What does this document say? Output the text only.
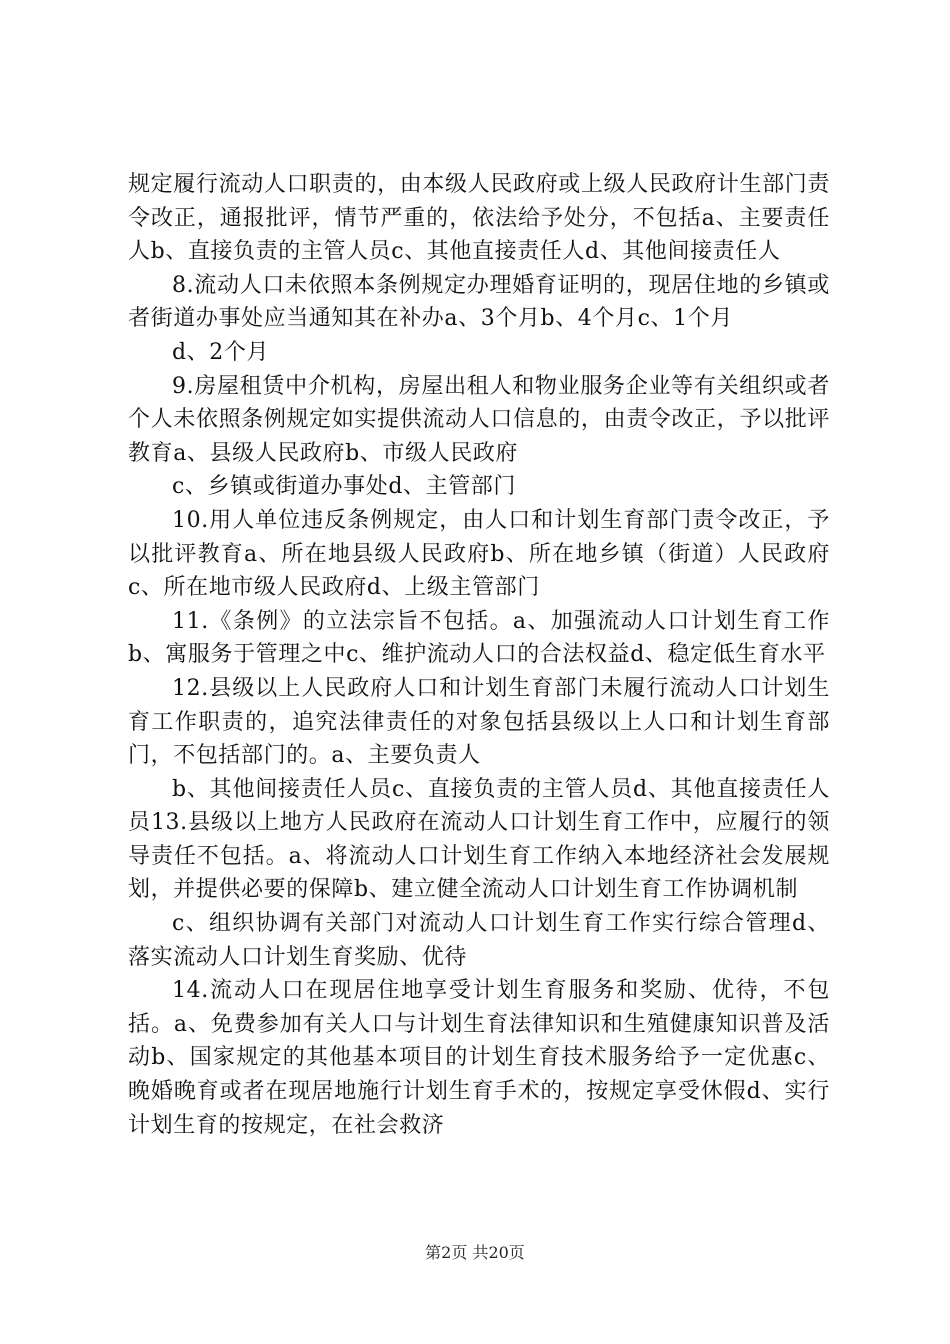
规定履行流动人口职责的，由本级人民政府或上级人民政府计生部门责令改正，通报批评，情节严重的，依法给予处分，不包括a、主要责任人b、直接负责的主管人员c、其他直接责任人d、其他间接责任人

8.流动人口未依照本条例规定办理婚育证明的，现居住地的乡镇或者街道办事处应当通知其在补办a、3个月b、4个月c、1个月

d、2个月

9.房屋租赁中介机构，房屋出租人和物业服务企业等有关组织或者个人未依照条例规定如实提供流动人口信息的，由责令改正，予以批评教育a、县级人民政府b、市级人民政府

c、乡镇或街道办事处d、主管部门

10.用人单位违反条例规定，由人口和计划生育部门责令改正，予以批评教育a、所在地县级人民政府b、所在地乡镇（街道）人民政府c、所在地市级人民政府d、上级主管部门

11.《条例》的立法宗旨不包括。a、加强流动人口计划生育工作b、寓服务于管理之中c、维护流动人口的合法权益d、稳定低生育水平

12.县级以上人民政府人口和计划生育部门未履行流动人口计划生育工作职责的，追究法律责任的对象包括县级以上人口和计划生育部门，不包括部门的。a、主要负责人

b、其他间接责任人员c、直接负责的主管人员d、其他直接责任人员13.县级以上地方人民政府在流动人口计划生育工作中，应履行的领导责任不包括。a、将流动人口计划生育工作纳入本地经济社会发展规划，并提供必要的保障b、建立健全流动人口计划生育工作协调机制

c、组织协调有关部门对流动人口计划生育工作实行综合管理d、落实流动人口计划生育奖励、优待

14.流动人口在现居住地享受计划生育服务和奖励、优待，不包括。a、免费参加有关人口与计划生育法律知识和生殖健康知识普及活动b、国家规定的其他基本项目的计划生育技术服务给予一定优惠c、晚婚晚育或者在现居地施行计划生育手术的，按规定享受休假d、实行计划生育的按规定，在社会救济

第2页 共20页
